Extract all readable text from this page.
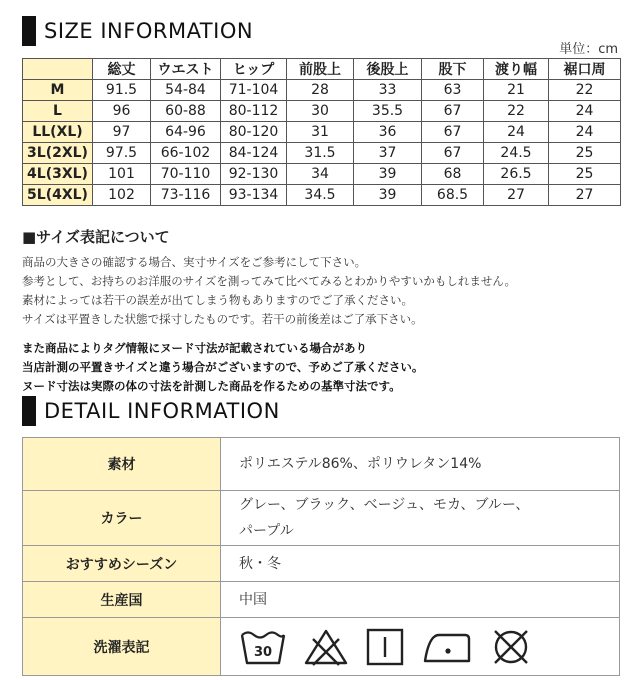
SIZE INFORMATION
単位：cm
	総丈	ウエスト	ヒップ	前股上	後股上	股下	渡り幅	裾口周
M	91.5	54-84	71-104	28	33	63	21	22
L	96	60-88	80-112	30	35.5	67	22	24
LL(XL)	97	64-96	80-120	31	36	67	24	24
3L(2XL)	97.5	66-102	84-124	31.5	37	67	24.5	25
4L(3XL)	101	70-110	92-130	34	39	68	26.5	25
5L(4XL)	102	73-116	93-134	34.5	39	68.5	27	27
■サイズ表記について
商品の大きさの確認する場合、実寸サイズをご参考にして下さい。
参考として、お持ちのお洋服のサイズを測ってみて比べてみるとわかりやすいかもしれません。
素材によっては若干の誤差が出てしまう物もありますのでご了承ください。
サイズは平置きした状態で採寸したものです。若干の前後差はご了承下さい。
また商品によりタグ情報にヌード寸法が記載されている場合があり
当店計測の平置きサイズと違う場合がございますので、予めご了承ください。
ヌード寸法は実際の体の寸法を計測した商品を作るための基準寸法です。
DETAIL INFORMATION
素材	ポリエステル86%、ポリウレタン14%
カラー	グレー、ブラック、ベージュ、モカ、ブルー、
パープル

おすすめシーズン	秋・冬
生産国	中国
洗濯表記	30
